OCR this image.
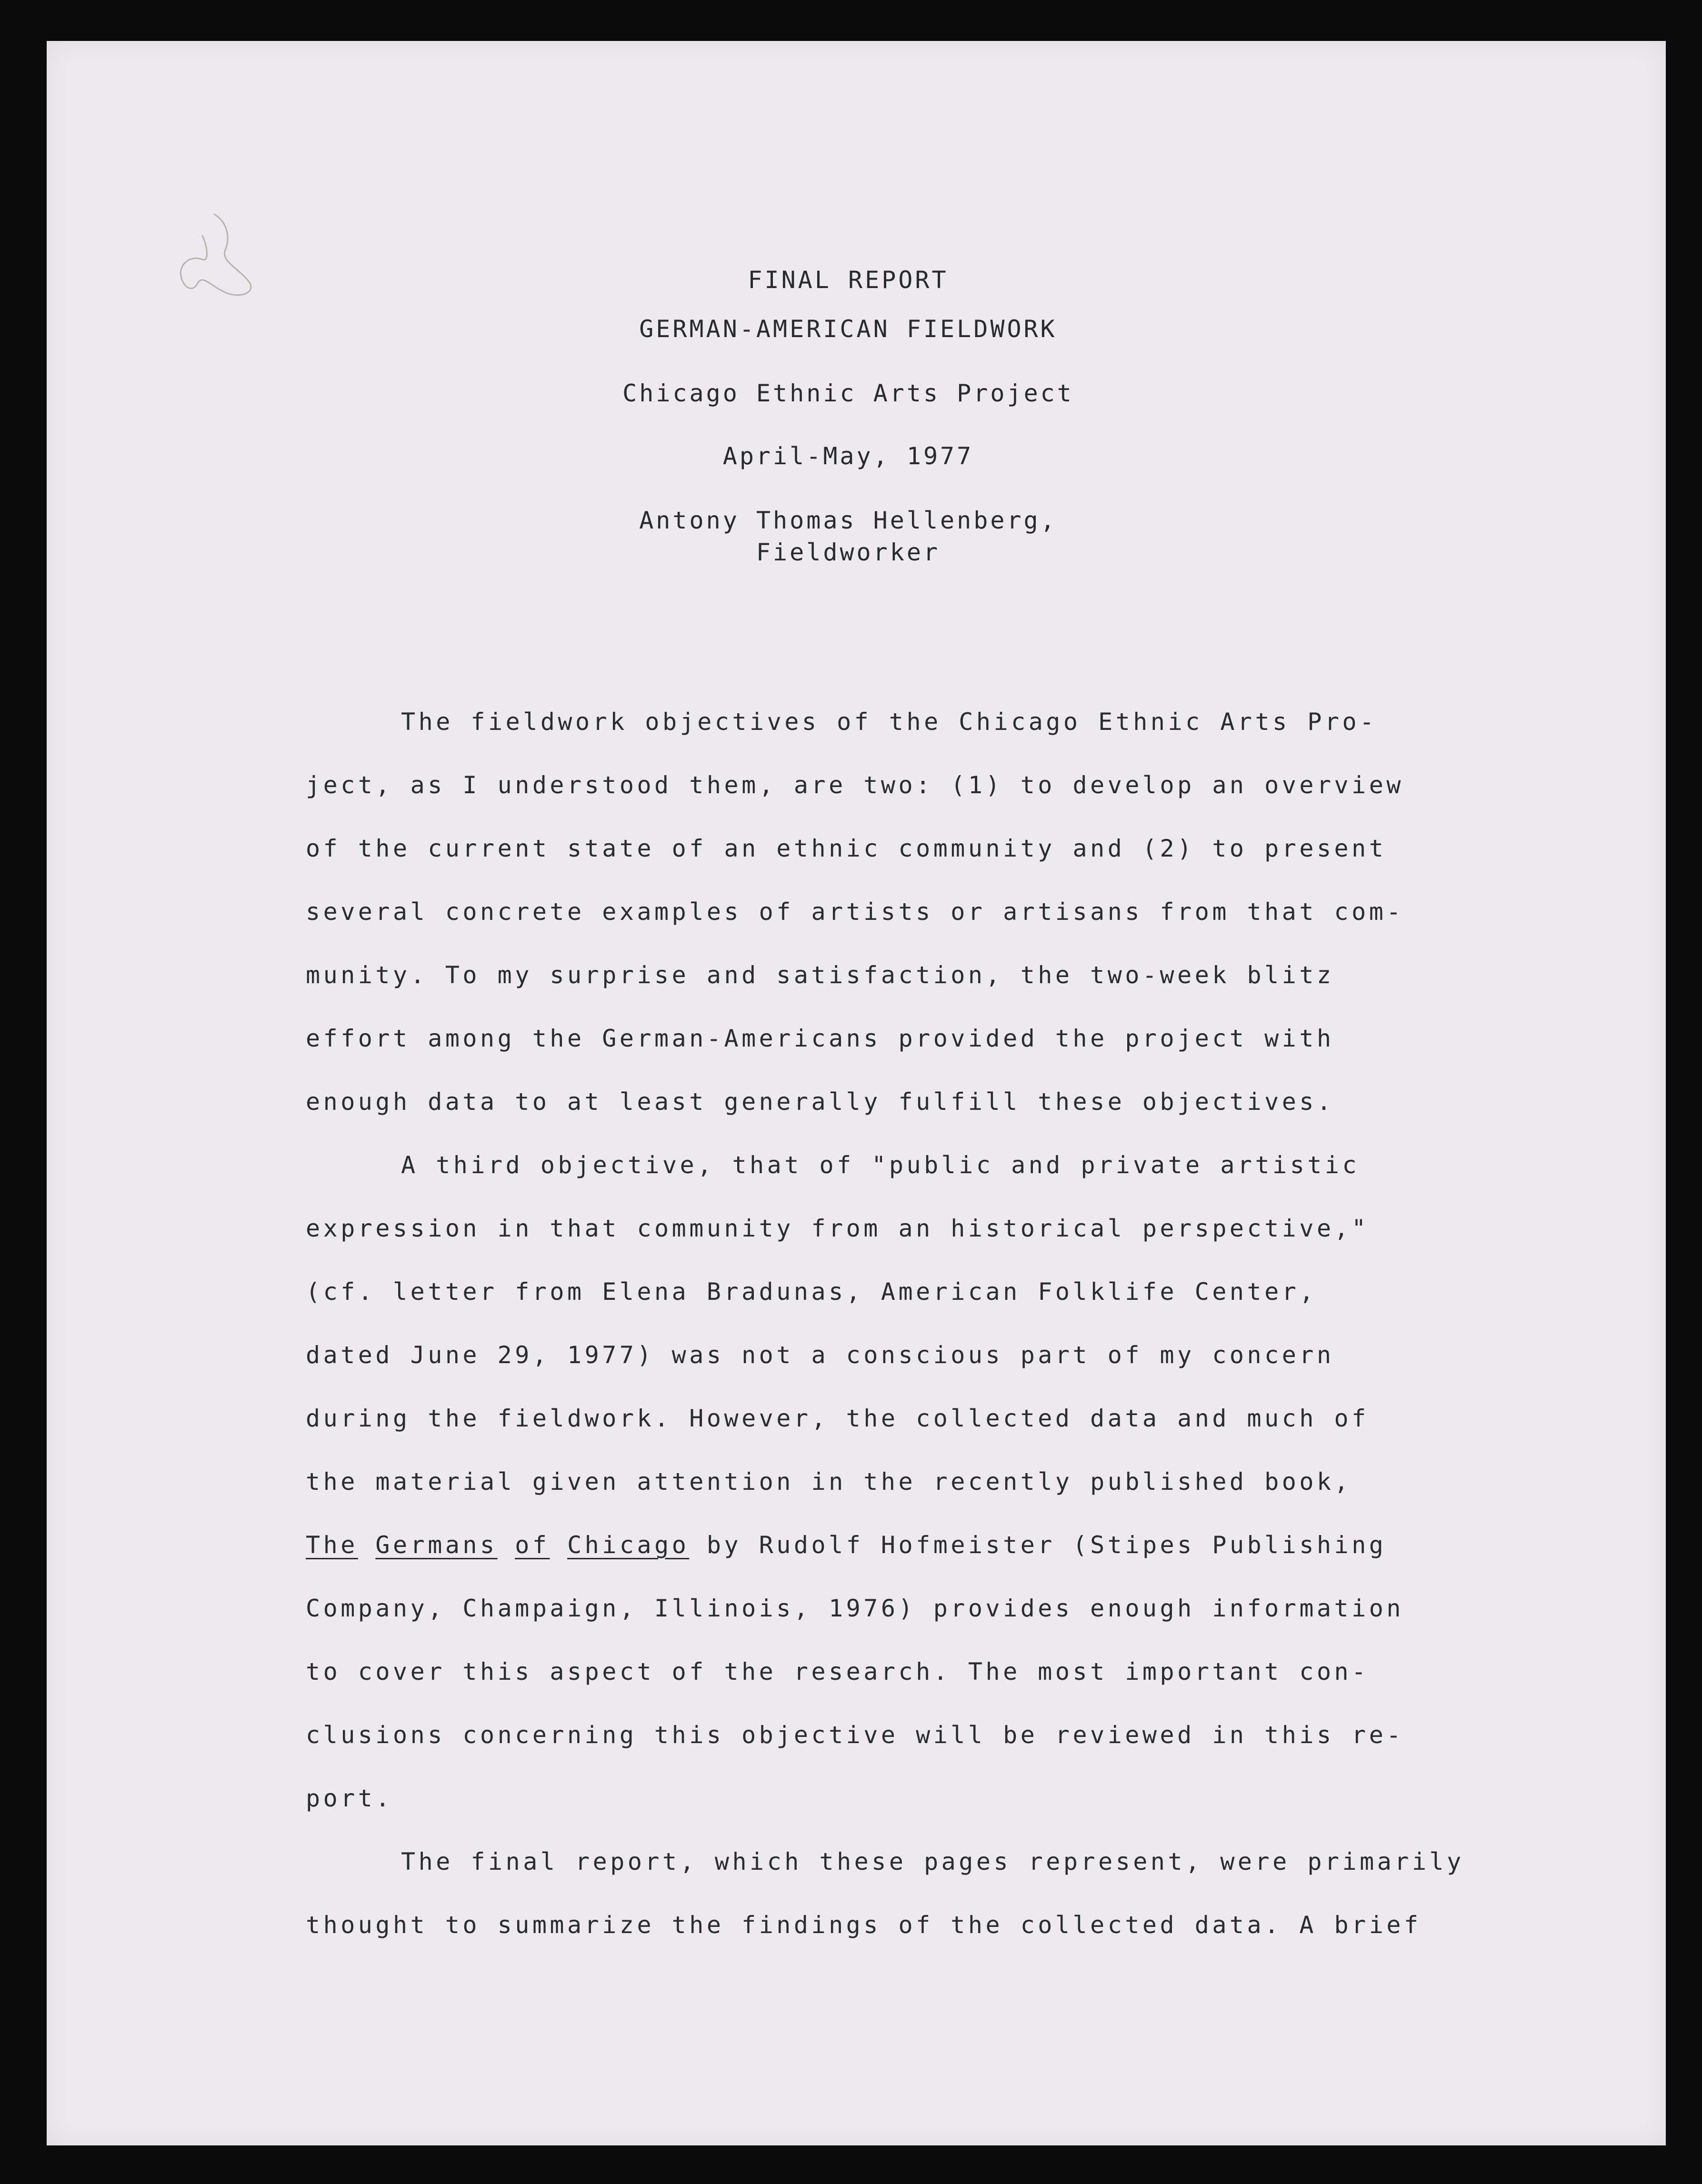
FINAL REPORT
GERMAN-AMERICAN FIELDWORK
Chicago Ethnic Arts Project
April-May, 1977
Antony Thomas Hellenberg,
Fieldworker
The fieldwork objectives of the Chicago Ethnic Arts Pro-
ject, as I understood them, are two: (1) to develop an overview
of the current state of an ethnic community and (2) to present
several concrete examples of artists or artisans from that com-
munity. To my surprise and satisfaction, the two-week blitz
effort among the German-Americans provided the project with
enough data to at least generally fulfill these objectives.
A third objective, that of "public and private artistic
expression in that community from an historical perspective,"
(cf. letter from Elena Bradunas, American Folklife Center,
dated June 29, 1977) was not a conscious part of my concern
during the fieldwork. However, the collected data and much of
the material given attention in the recently published book,
The Germans of Chicago by Rudolf Hofmeister (Stipes Publishing
Company, Champaign, Illinois, 1976) provides enough information
to cover this aspect of the research. The most important con-
clusions concerning this objective will be reviewed in this re-
port.
The final report, which these pages represent, were primarily
thought to summarize the findings of the collected data. A brief
